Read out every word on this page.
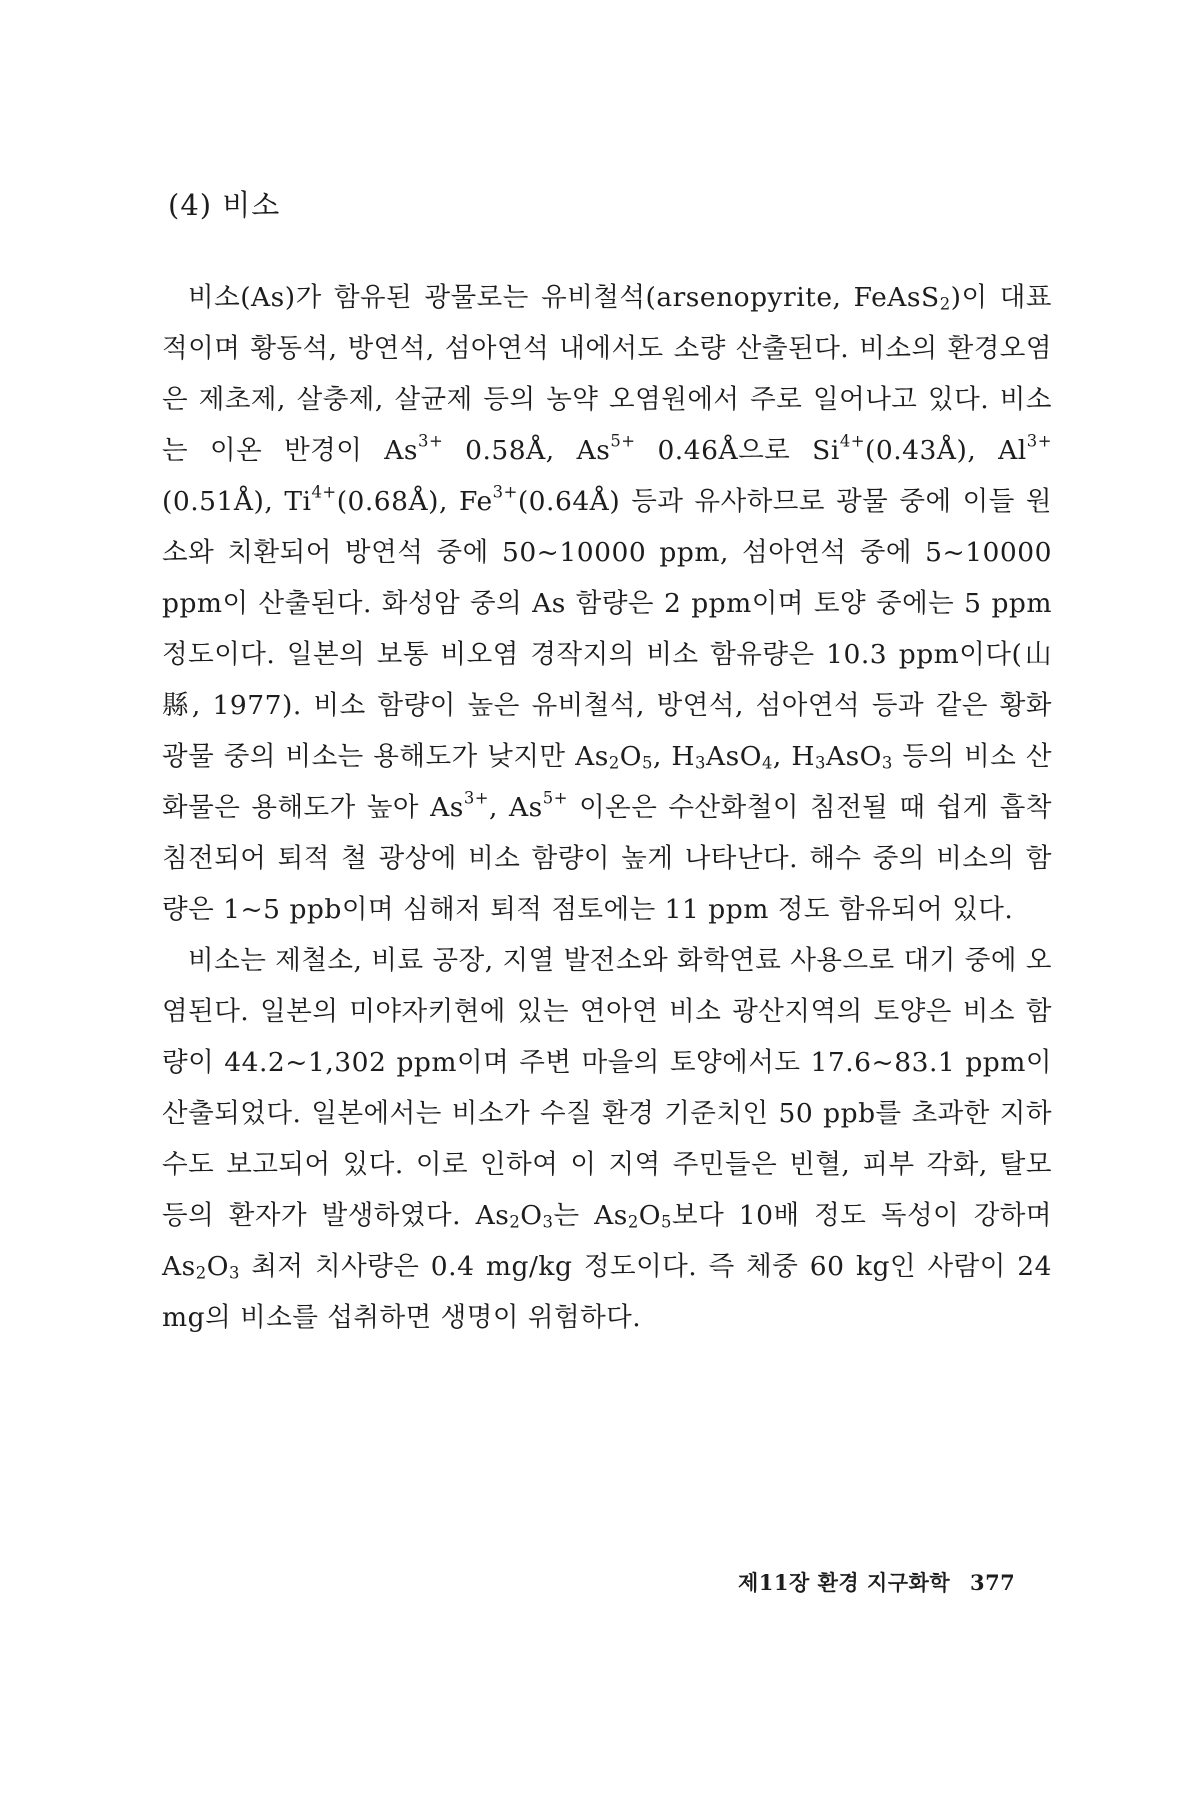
(4) 비소

비소(As)가 함유된 광물로는 유비철석(arsenopyrite, FeAsS$_2$)이 대표적이며 황동석, 방연석, 섬아연석 내에서도 소량 산출된다. 비소의 환경오염은 제초제, 살충제, 살균제 등의 농약 오염원에서 주로 일어나고 있다. 비소는 이온 반경이 $As^{3+}$ 0.58Å, $As^{5+}$ 0.46Å으로 $Si^{4+}(0.43Å)$, $Al^{3+}(0.51Å)$, $Ti^{4+}(0.68Å)$, $Fe^{3+}(0.64Å)$ 등과 유사하므로 광물 중에 이들 원소와 치환되어 방연석 중에 50~10000 ppm, 섬아연석 중에 5~10000 ppm이 산출된다. 화성암 중의 As 함량은 2 ppm이며 토양 중에는 5 ppm 정도이다. 일본의 보통 비오염 경작지의 비소 함유량은 10.3 ppm이다(山縣, 1977). 비소 함량이 높은 유비철석, 방연석, 섬아연석 등과 같은 황화 광물 중의 비소는 용해도가 낮지만 $As_2O_5$, $H_3AsO_4$, $H_3AsO_3$ 등의 비소 산화물은 용해도가 높아 $As^{3+}$, $As^{5+}$ 이온은 수산화철이 침전될 때 쉽게 흡착 침전되어 퇴적 철 광상에 비소 함량이 높게 나타난다. 해수 중의 비소의 함량은 1~5 ppb이며 심해저 퇴적 점토에는 11 ppm 정도 함유되어 있다.

비소는 제철소, 비료 공장, 지열 발전소와 화학연료 사용으로 대기 중에 오염된다. 일본의 미야자키현에 있는 연아연 비소 광산지역의 토양은 비소 함량이 44.2~1,302 ppm이며 주변 마을의 토양에서도 17.6~83.1 ppm이 산출되었다. 일본에서는 비소가 수질 환경 기준치인 50 ppb를 초과한 지하수도 보고되어 있다. 이로 인하여 이 지역 주민들은 빈혈, 피부 각화, 탈모 등의 환자가 발생하였다. $As_2O_3$는 $As_2O_5$보다 10배 정도 독성이 강하며 $As_2O_3$ 최저 치사량은 0.4 mg/kg 정도이다. 즉 체중 60 kg인 사람이 24 mg의 비소를 섭취하면 생명이 위험하다.

제11장 환경 지구화학 377
